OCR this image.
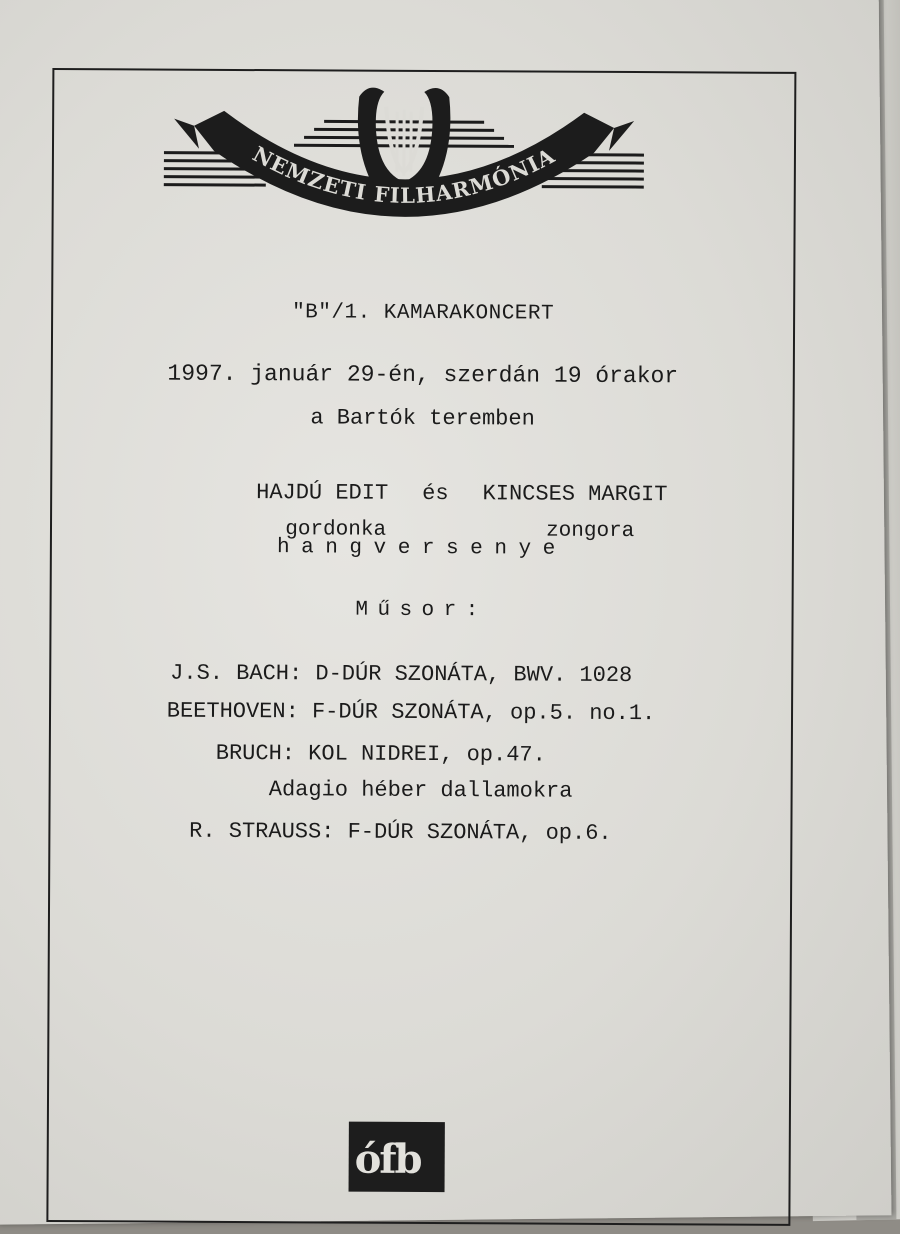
NEMZETI FILHARMÓNIA
"B"/1. KAMARAKONCERT
1997. január 29-én, szerdán 19 órakor
a Bartók teremben

HAJDÚ EDIT és KINCSES MARGIT

gordonka	zongora

hangversenye
Műsor:
J.S. BACH: D-DÚR SZONÁTA, BWV. 1028
BEETHOVEN: F-DÚR SZONÁTA, op.5. no.1.
BRUCH: KOL NIDREI, op.47.
Adagio héber dallamokra
R. STRAUSS: F-DÚR SZONÁTA, op.6.
ófb
